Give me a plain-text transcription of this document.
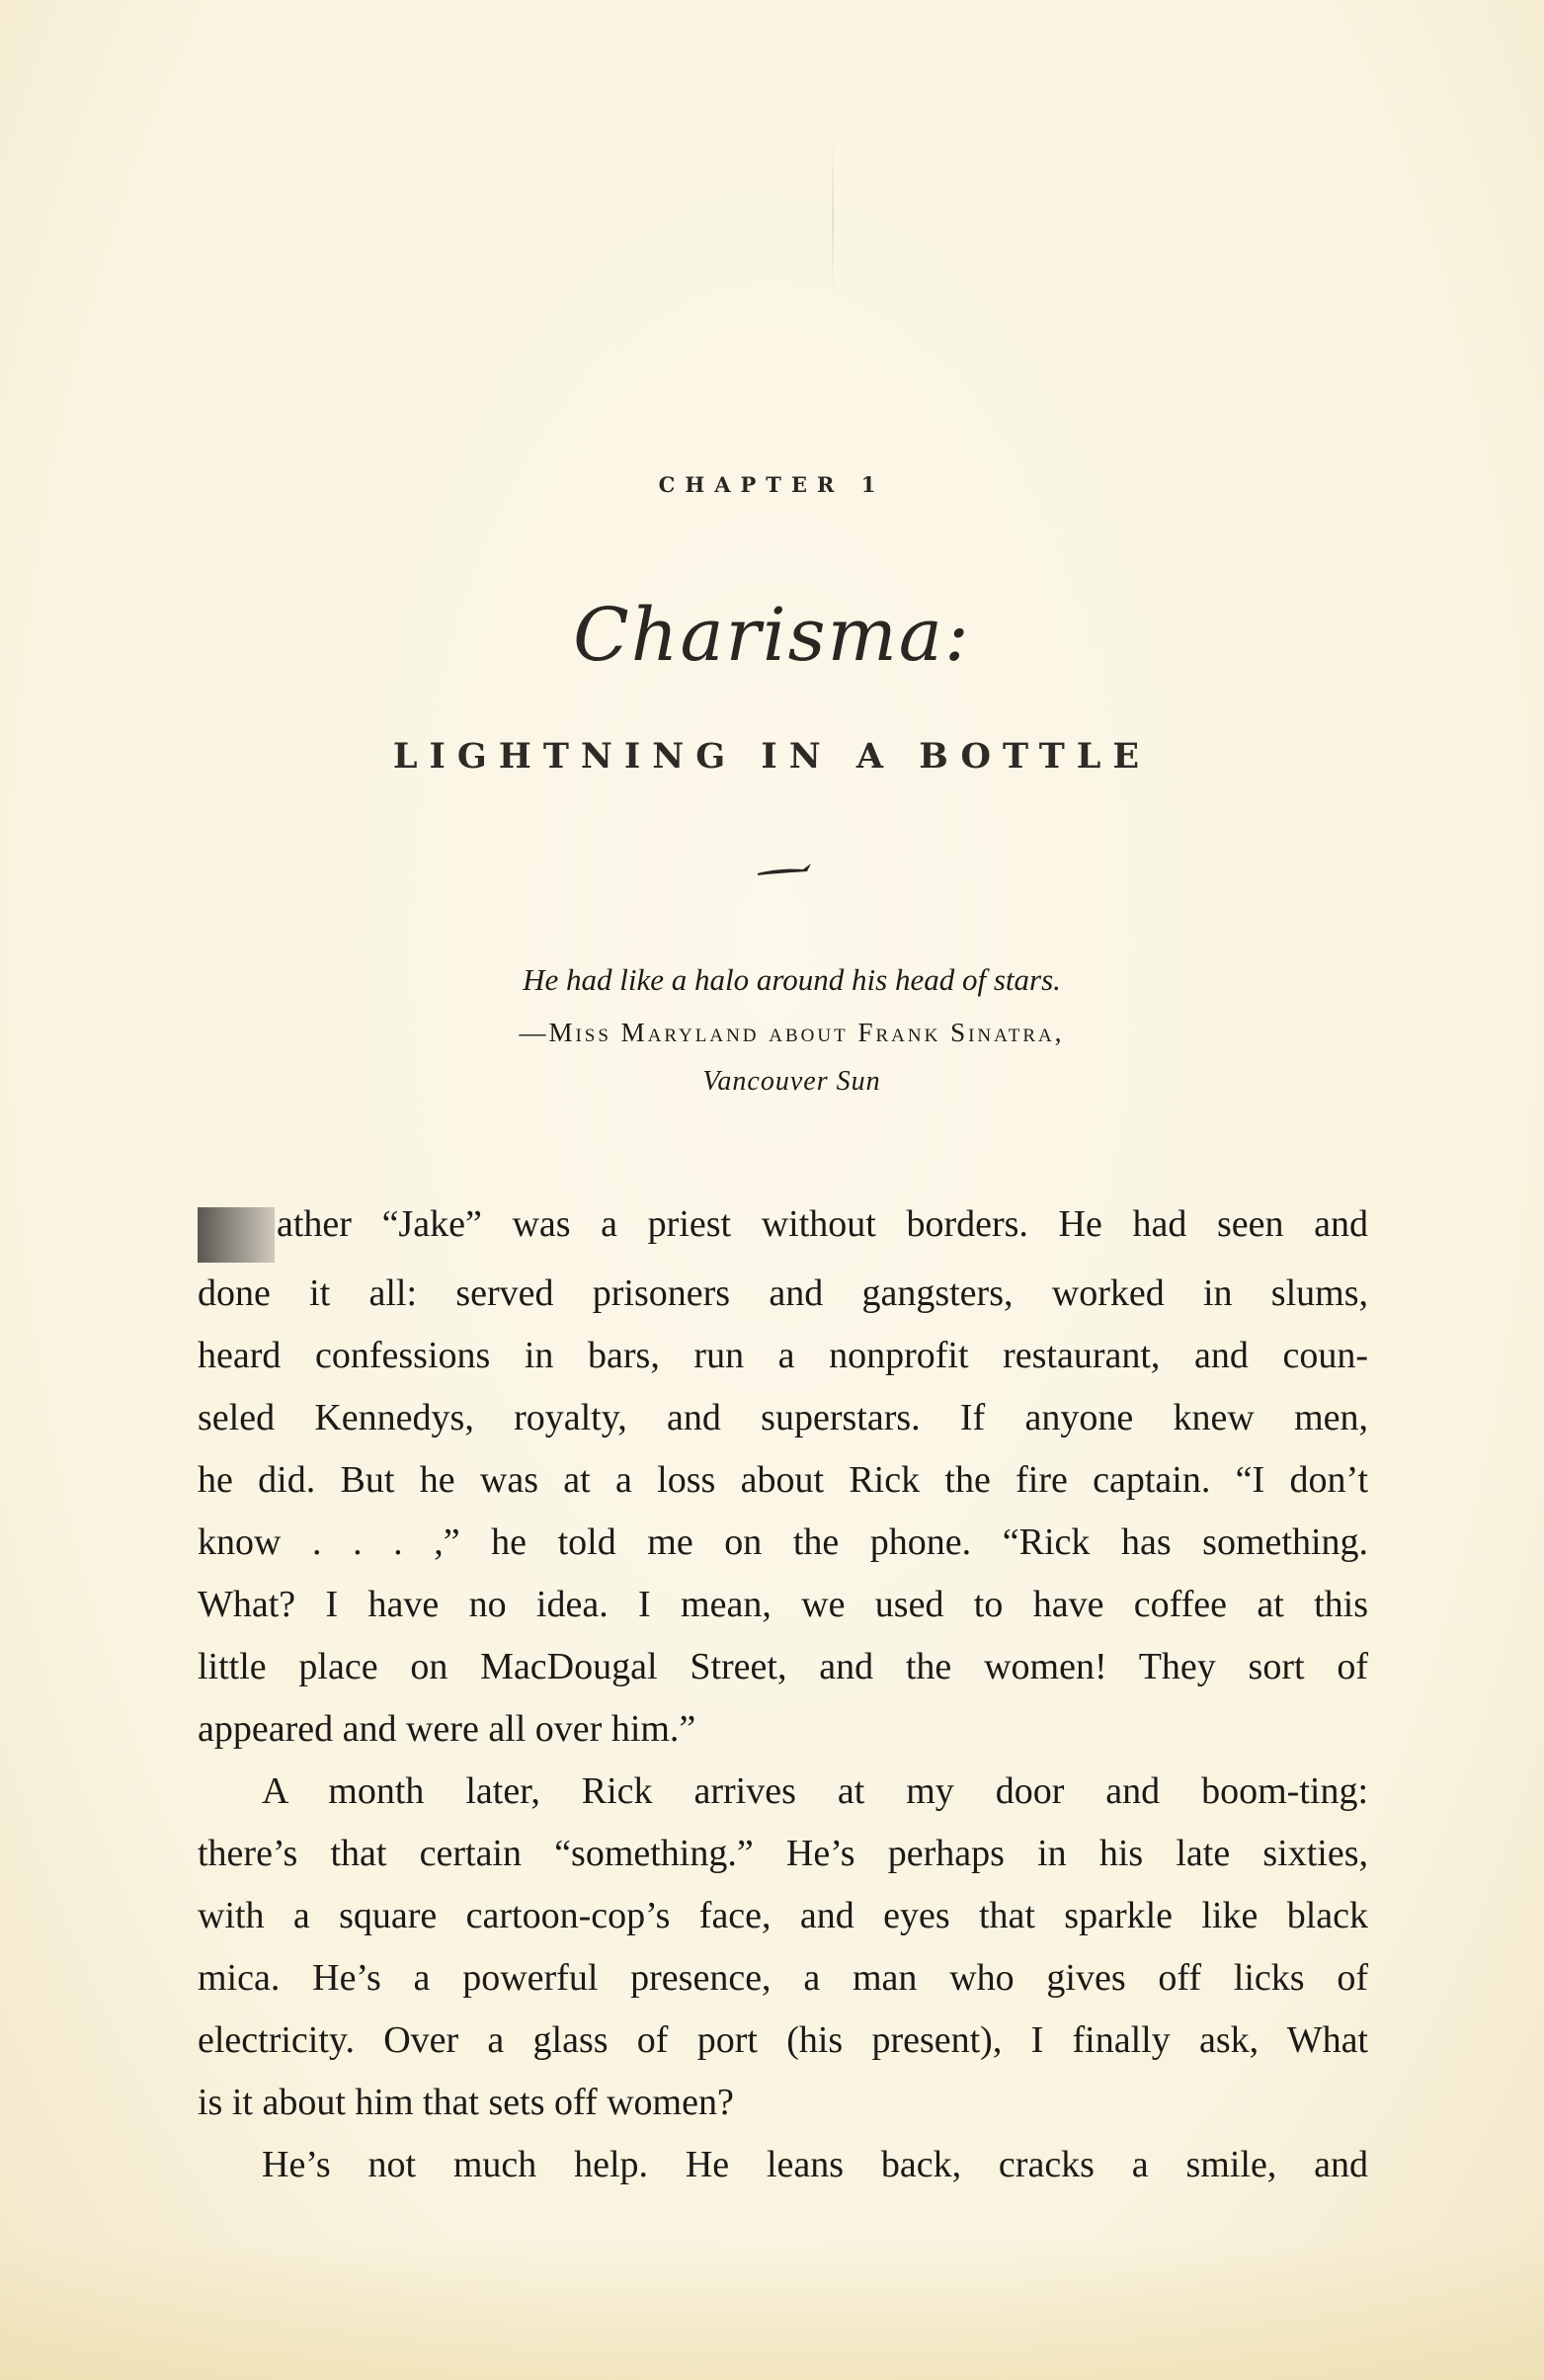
CHAPTER 1
Charisma:
LIGHTNING IN A BOTTLE
He had like a halo around his head of stars.
—Miss Maryland about Frank Sinatra,
Vancouver Sun
ather “Jake” was a priest without borders. He had seen and
done it all: served prisoners and gangsters, worked in slums,
heard confessions in bars, run a nonprofit restaurant, and coun-
seled Kennedys, royalty, and superstars. If anyone knew men,
he did. But he was at a loss about Rick the fire captain. “I don’t
know . . . ,” he told me on the phone. “Rick has something.
What? I have no idea. I mean, we used to have coffee at this
little place on MacDougal Street, and the women! They sort of
appeared and were all over him.”
A month later, Rick arrives at my door and boom-ting:
there’s that certain “something.” He’s perhaps in his late sixties,
with a square cartoon-cop’s face, and eyes that sparkle like black
mica. He’s a powerful presence, a man who gives off licks of
electricity. Over a glass of port (his present), I finally ask, What
is it about him that sets off women?
He’s not much help. He leans back, cracks a smile, and
